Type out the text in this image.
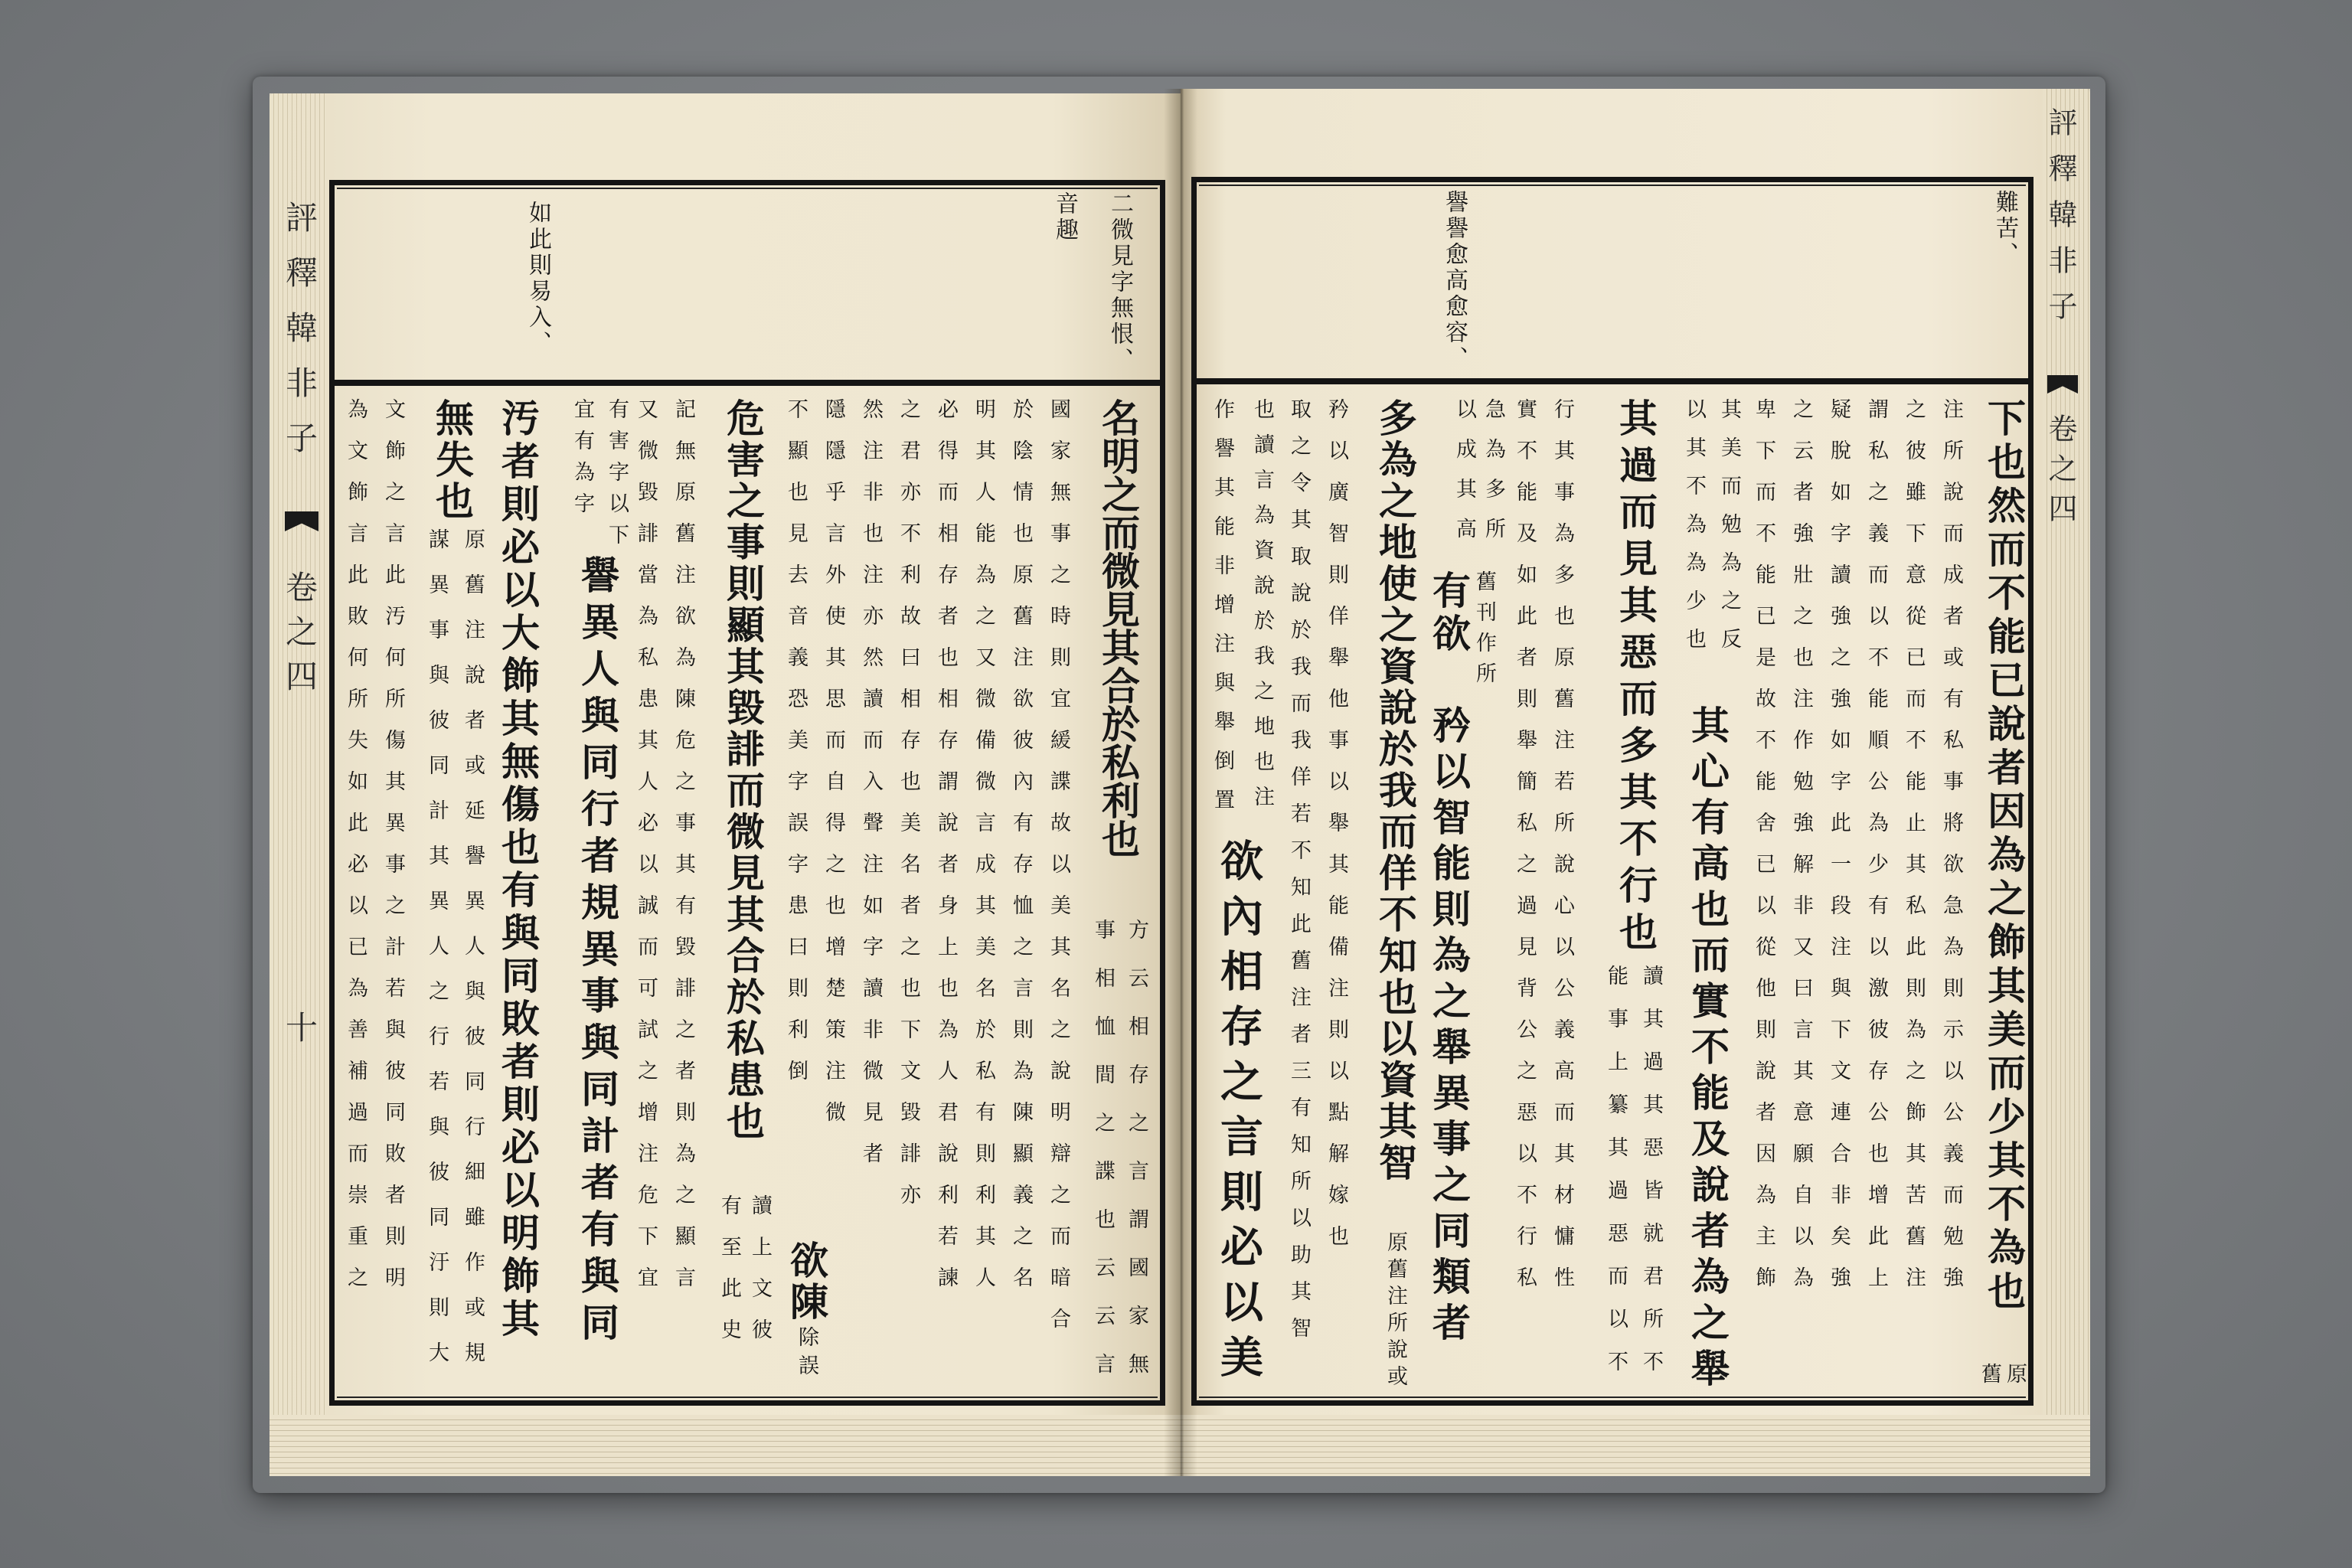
評釋韓非子
卷之四
十
評釋韓非子
卷之四
二微見字無恨、
音趣
如此則易入、
名明之而微見其合於私利也
方云相存之言謂國家無
事相恤間之諜也云云言
國家無事之時則宜緩諜故以美其名之說明辯之而暗合
於陰情也原舊注欲彼內有存恤之言則為陳顯義之名
明其人能為之又微備微言成其美名於私有則利其人
必得而相存者也相存謂說者身上也為人君說利若諫
之君亦不利故曰相存也美名者之也下文毀誹亦
然注非也注亦然讀而入聲注如字讀非微見者
隱隱乎言外使其思而自得之也增楚策注微
不顯也見去音義恐美字誤字患曰則利倒
欲陳
除誤
危害之事則顯其毀誹而微見其合於私患也
讀上文彼
有至此史
記無原舊注欲為陳危之事其有毀誹之者則為之顯言
又微毀誹當為私患其人必以誠而可試之增注危下宜
有害字以下
宜有為字
譽異人與同行者規異事與同計者有與同
汚者則必以大飾其無傷也有與同敗者則必以明飾其
無失也
原舊注說者或延譽異人與彼同行細雖作或規
謀異事與彼同計其異人之行若與彼同汙則大
文飾之言此汚何所傷其異事之計若與彼同敗者則明
為文飾言此敗何所失如此必以已為善補過而崇重之
難苦、
譽譽愈高愈容、
下也然而不能已說者因為之飾其美而少其不為也
原
舊
注所說而成者或有私事將欲急為則示以公義而勉強
之彼雖下意從已而不能止其私此則為之飾其苦舊注
謂私之義而以不能順公為少有以激彼存公也增此上
疑脫如字讀強之強如字此一段注與下文連合非矣強
之云者強壯之也注作勉強解非又曰言其意願自以為
卑下而不能已是故不能舍已以從他則說者因為主飾
其美而勉為之反
以其不為為少也
其心有高也而實不能及說者為之舉
其過而見其惡而多其不行也
讀其過其惡皆就君所不
能事上纂其過惡而以不
行其事為多也原舊注若所說心以公義高而其材慵性
實不能及如此者則舉簡私之過見背公之惡以不行私
急為多所
以成其高
有欲 舊刊作所
矜以智能則為之舉異事之同類者
多為之地使之資說於我而佯不知也以資其智
原舊注所說或
矜以廣智則佯舉他事以舉其能備注則以點解嫁也
取之令其取說於我而我佯若不知此舊注者三有知所以助其智
也讀言為資說於我之地也注
作譽其能非增注與舉倒置
欲內相存之言則必以美
